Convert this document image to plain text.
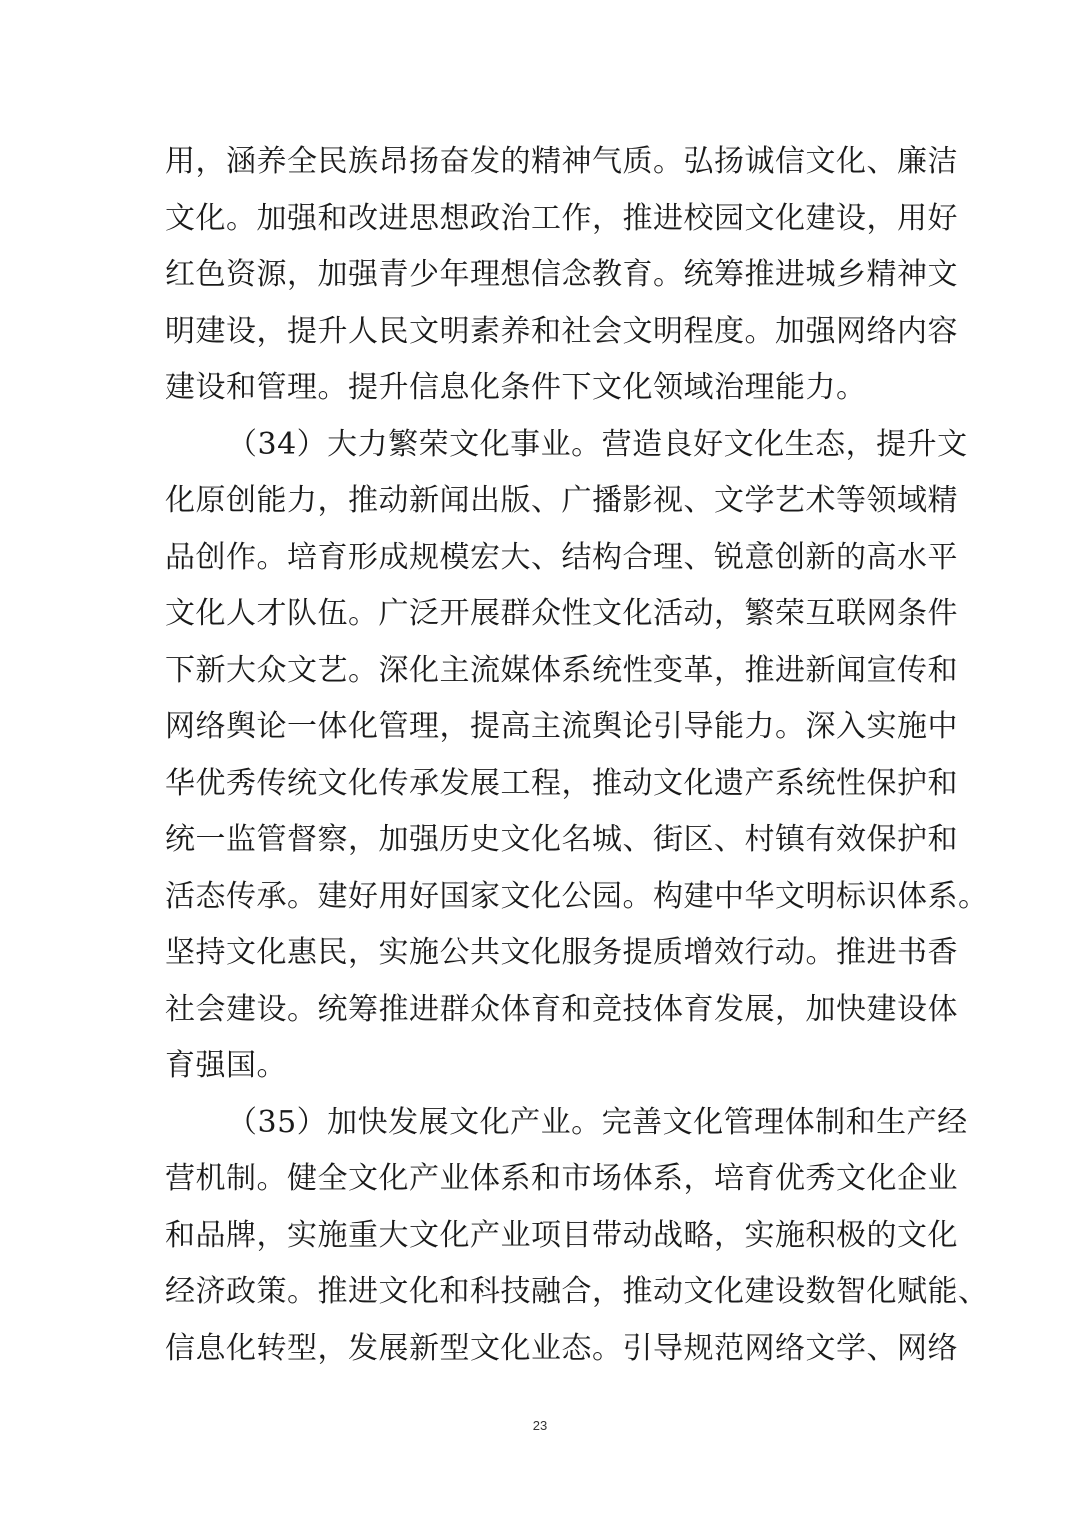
用，涵养全民族昂扬奋发的精神气质。弘扬诚信文化、廉洁
文化。加强和改进思想政治工作，推进校园文化建设，用好
红色资源，加强青少年理想信念教育。统筹推进城乡精神文
明建设，提升人民文明素养和社会文明程度。加强网络内容
建设和管理。提升信息化条件下文化领域治理能力。
（34）大力繁荣文化事业。营造良好文化生态，提升文
化原创能力，推动新闻出版、广播影视、文学艺术等领域精
品创作。培育形成规模宏大、结构合理、锐意创新的高水平
文化人才队伍。广泛开展群众性文化活动，繁荣互联网条件
下新大众文艺。深化主流媒体系统性变革，推进新闻宣传和
网络舆论一体化管理，提高主流舆论引导能力。深入实施中
华优秀传统文化传承发展工程，推动文化遗产系统性保护和
统一监管督察，加强历史文化名城、街区、村镇有效保护和
活态传承。建好用好国家文化公园。构建中华文明标识体系。
坚持文化惠民，实施公共文化服务提质增效行动。推进书香
社会建设。统筹推进群众体育和竞技体育发展，加快建设体
育强国。
（35）加快发展文化产业。完善文化管理体制和生产经
营机制。健全文化产业体系和市场体系，培育优秀文化企业
和品牌，实施重大文化产业项目带动战略，实施积极的文化
经济政策。推进文化和科技融合，推动文化建设数智化赋能、
信息化转型，发展新型文化业态。引导规范网络文学、网络
23
